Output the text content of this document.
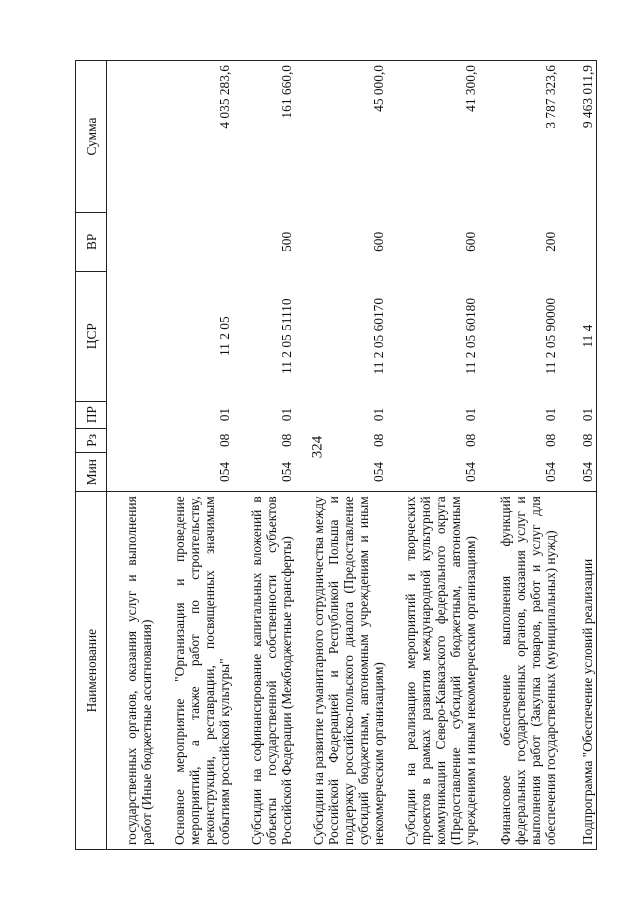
324
Наименование	Мин	Рз	ПР	ЦСР	ВР	Сумма
государственных органов, оказания услуг и выполнения работ (Иные бюджетные ассигнования)						
Основное мероприятие "Организация и проведение мероприятий, а также работ по строительству, реконструкции, реставрации, посвященных значимым событиям российской культуры"	054	08	01	11 2 05		4 035 283,6
Субсидии на софинансирование капитальных вложений в объекты государственной собственности субъектов Российской Федерации (Межбюджетные трансферты)	054	08	01	11 2 05 51110	500	161 660,0
Субсидии на развитие гуманитарного сотрудничества между Российской Федерацией и Республикой Польша и поддержку российско-польского диалога (Предоставление субсидий бюджетным, автономным учреждениям и иным некоммерческим организациям)	054	08	01	11 2 05 60170	600	45 000,0
Субсидии на реализацию мероприятий и творческих проектов в рамках развития международной культурной коммуникации Северо-Кавказского федерального округа (Предоставление субсидий бюджетным, автономным учреждениям и иным некоммерческим организациям)	054	08	01	11 2 05 60180	600	41 300,0
Финансовое обеспечение выполнения функций федеральных государственных органов, оказания услуг и выполнения работ (Закупка товаров, работ и услуг для обеспечения государственных (муниципальных) нужд)	054	08	01	11 2 05 90000	200	3 787 323,6
Подпрограмма "Обеспечение условий реализации	054	08	01	11 4		9 463 011,9
